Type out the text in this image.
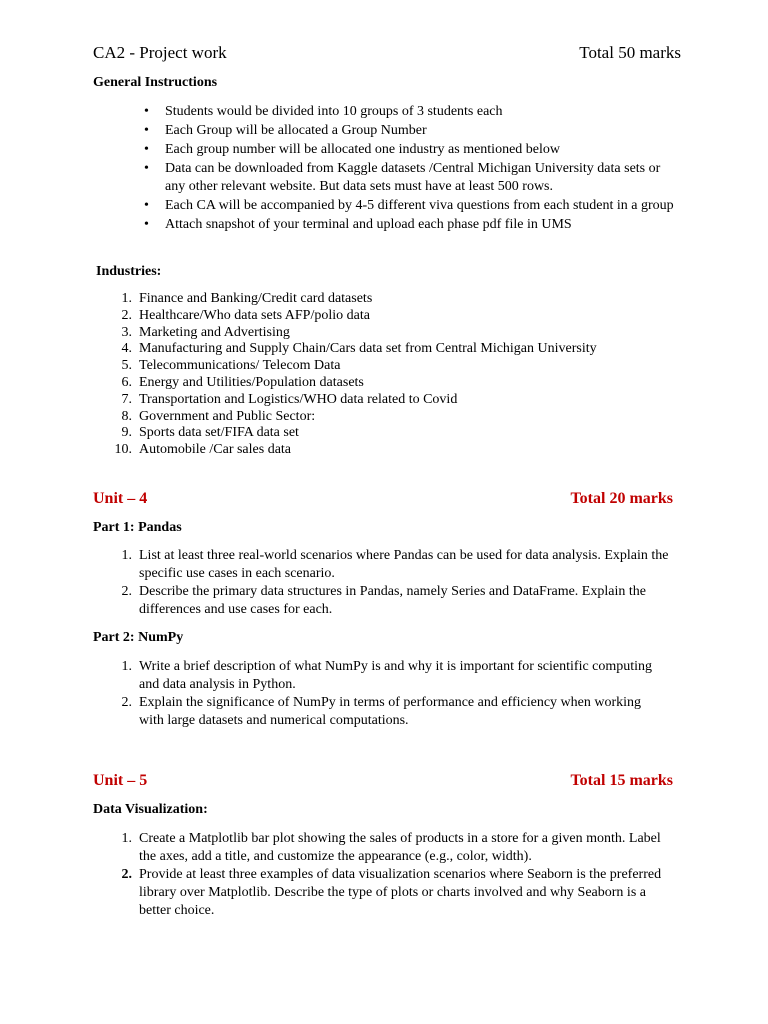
CA2 - Project work	Total 50 marks
General Instructions
• Students would be divided into 10 groups of 3 students each
• Each Group will be allocated a Group Number
• Each group number will be allocated one industry as mentioned below
• Data can be downloaded from Kaggle datasets /Central Michigan University data sets or any other relevant website. But data sets must have at least 500 rows.
• Each CA will be accompanied by 4-5 different viva questions from each student in a group
• Attach snapshot of your terminal and upload each phase pdf file in UMS
Industries:
1. Finance and Banking/Credit card datasets
2. Healthcare/Who data sets AFP/polio data
3. Marketing and Advertising
4. Manufacturing and Supply Chain/Cars data set from Central Michigan University
5. Telecommunications/ Telecom Data
6. Energy and Utilities/Population datasets
7. Transportation and Logistics/WHO data related to Covid
8. Government and Public Sector:
9. Sports data set/FIFA data set
10. Automobile /Car sales data
Unit – 4	Total 20 marks
Part 1: Pandas
1. List at least three real-world scenarios where Pandas can be used for data analysis. Explain the specific use cases in each scenario.
2. Describe the primary data structures in Pandas, namely Series and DataFrame. Explain the differences and use cases for each.
Part 2: NumPy
1. Write a brief description of what NumPy is and why it is important for scientific computing and data analysis in Python.
2. Explain the significance of NumPy in terms of performance and efficiency when working with large datasets and numerical computations.
Unit – 5	Total 15 marks
Data Visualization:
1. Create a Matplotlib bar plot showing the sales of products in a store for a given month. Label the axes, add a title, and customize the appearance (e.g., color, width).
2. Provide at least three examples of data visualization scenarios where Seaborn is the preferred library over Matplotlib. Describe the type of plots or charts involved and why Seaborn is a better choice.
